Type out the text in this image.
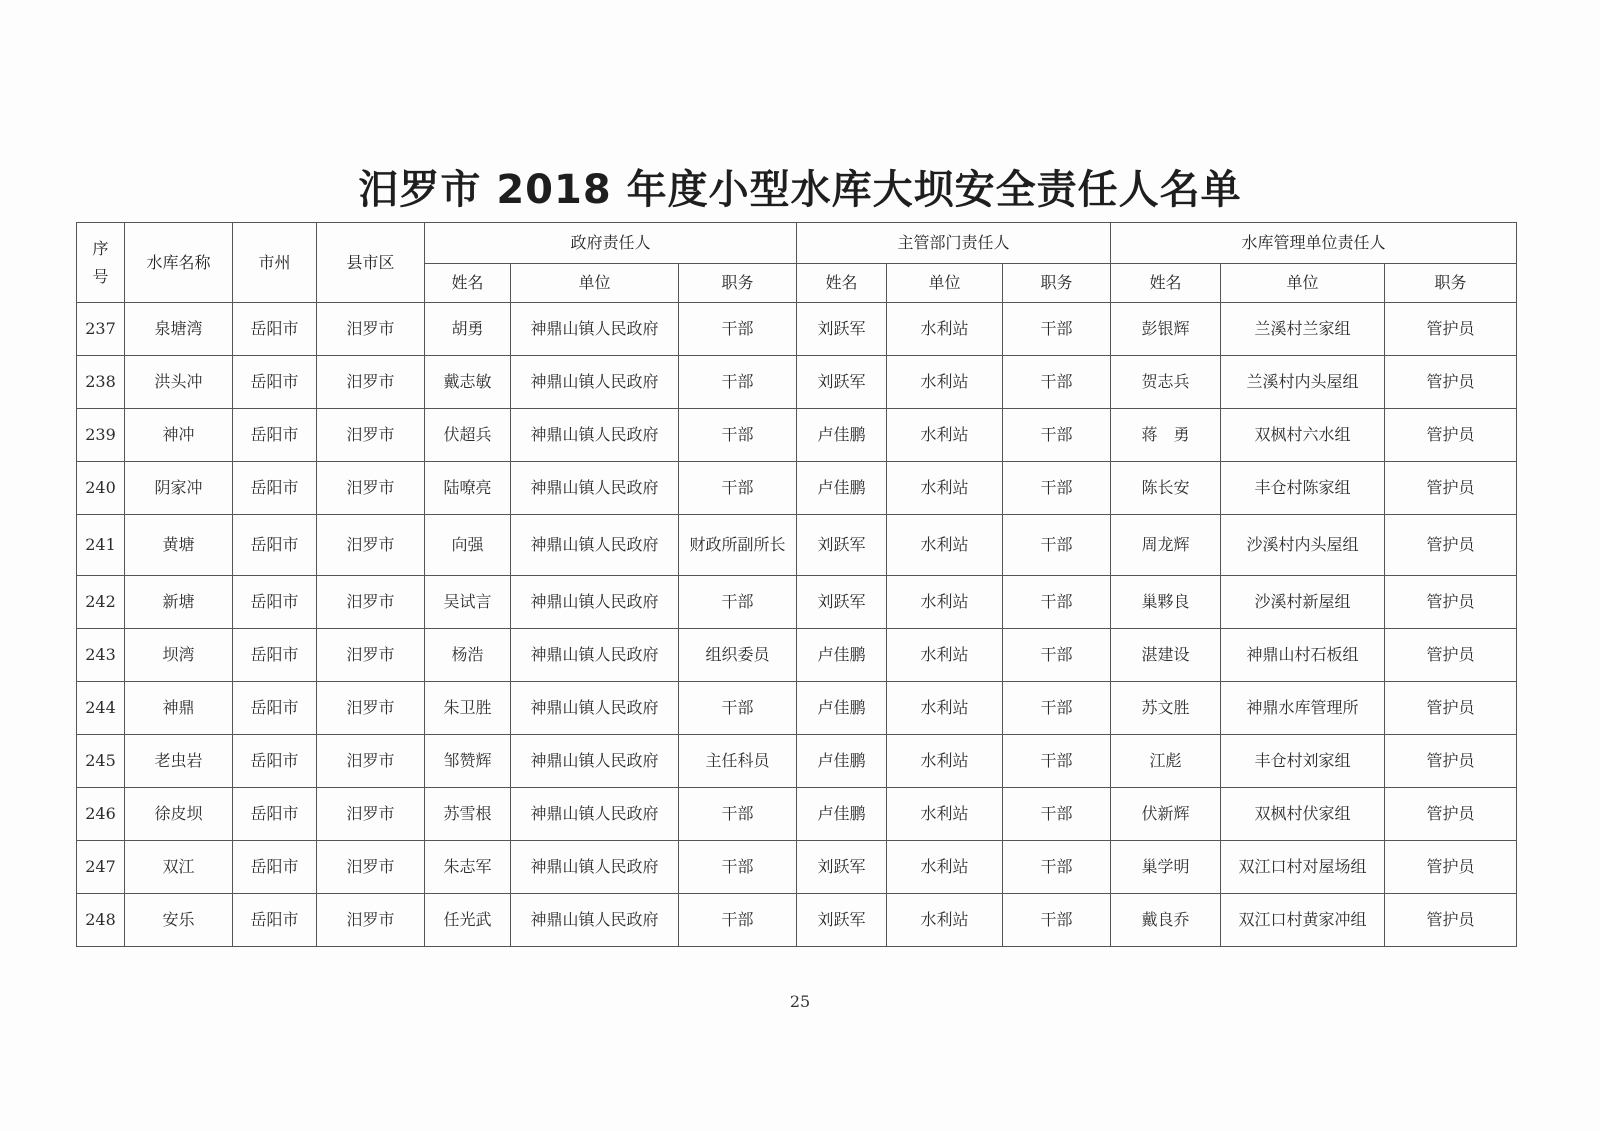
汨罗市 2018 年度小型水库大坝安全责任人名单
序
号	水库名称	市州	县市区	政府责任人			主管部门责任人			水库管理单位责任人		
				姓名	单位	职务	姓名	单位	职务	姓名	单位	职务
237	泉塘湾	岳阳市	汨罗市	胡勇	神鼎山镇人民政府	干部	刘跃军	水利站	干部	彭银辉	兰溪村兰家组	管护员
238	洪头冲	岳阳市	汨罗市	戴志敏	神鼎山镇人民政府	干部	刘跃军	水利站	干部	贺志兵	兰溪村内头屋组	管护员
239	神冲	岳阳市	汨罗市	伏超兵	神鼎山镇人民政府	干部	卢佳鹏	水利站	干部	蒋　勇	双枫村六水组	管护员
240	阴家冲	岳阳市	汨罗市	陆嘹亮	神鼎山镇人民政府	干部	卢佳鹏	水利站	干部	陈长安	丰仓村陈家组	管护员
241	黄塘	岳阳市	汨罗市	向强	神鼎山镇人民政府	财政所副所长	刘跃军	水利站	干部	周龙辉	沙溪村内头屋组	管护员
242	新塘	岳阳市	汨罗市	吴试言	神鼎山镇人民政府	干部	刘跃军	水利站	干部	巢夥良	沙溪村新屋组	管护员
243	坝湾	岳阳市	汨罗市	杨浩	神鼎山镇人民政府	组织委员	卢佳鹏	水利站	干部	湛建设	神鼎山村石板组	管护员
244	神鼎	岳阳市	汨罗市	朱卫胜	神鼎山镇人民政府	干部	卢佳鹏	水利站	干部	苏文胜	神鼎水库管理所	管护员
245	老虫岩	岳阳市	汨罗市	邹赞辉	神鼎山镇人民政府	主任科员	卢佳鹏	水利站	干部	江彪	丰仓村刘家组	管护员
246	徐皮坝	岳阳市	汨罗市	苏雪根	神鼎山镇人民政府	干部	卢佳鹏	水利站	干部	伏新辉	双枫村伏家组	管护员
247	双江	岳阳市	汨罗市	朱志军	神鼎山镇人民政府	干部	刘跃军	水利站	干部	巢学明	双江口村对屋场组	管护员
248	安乐	岳阳市	汨罗市	任光武	神鼎山镇人民政府	干部	刘跃军	水利站	干部	戴良乔	双江口村黄家冲组	管护员
25
